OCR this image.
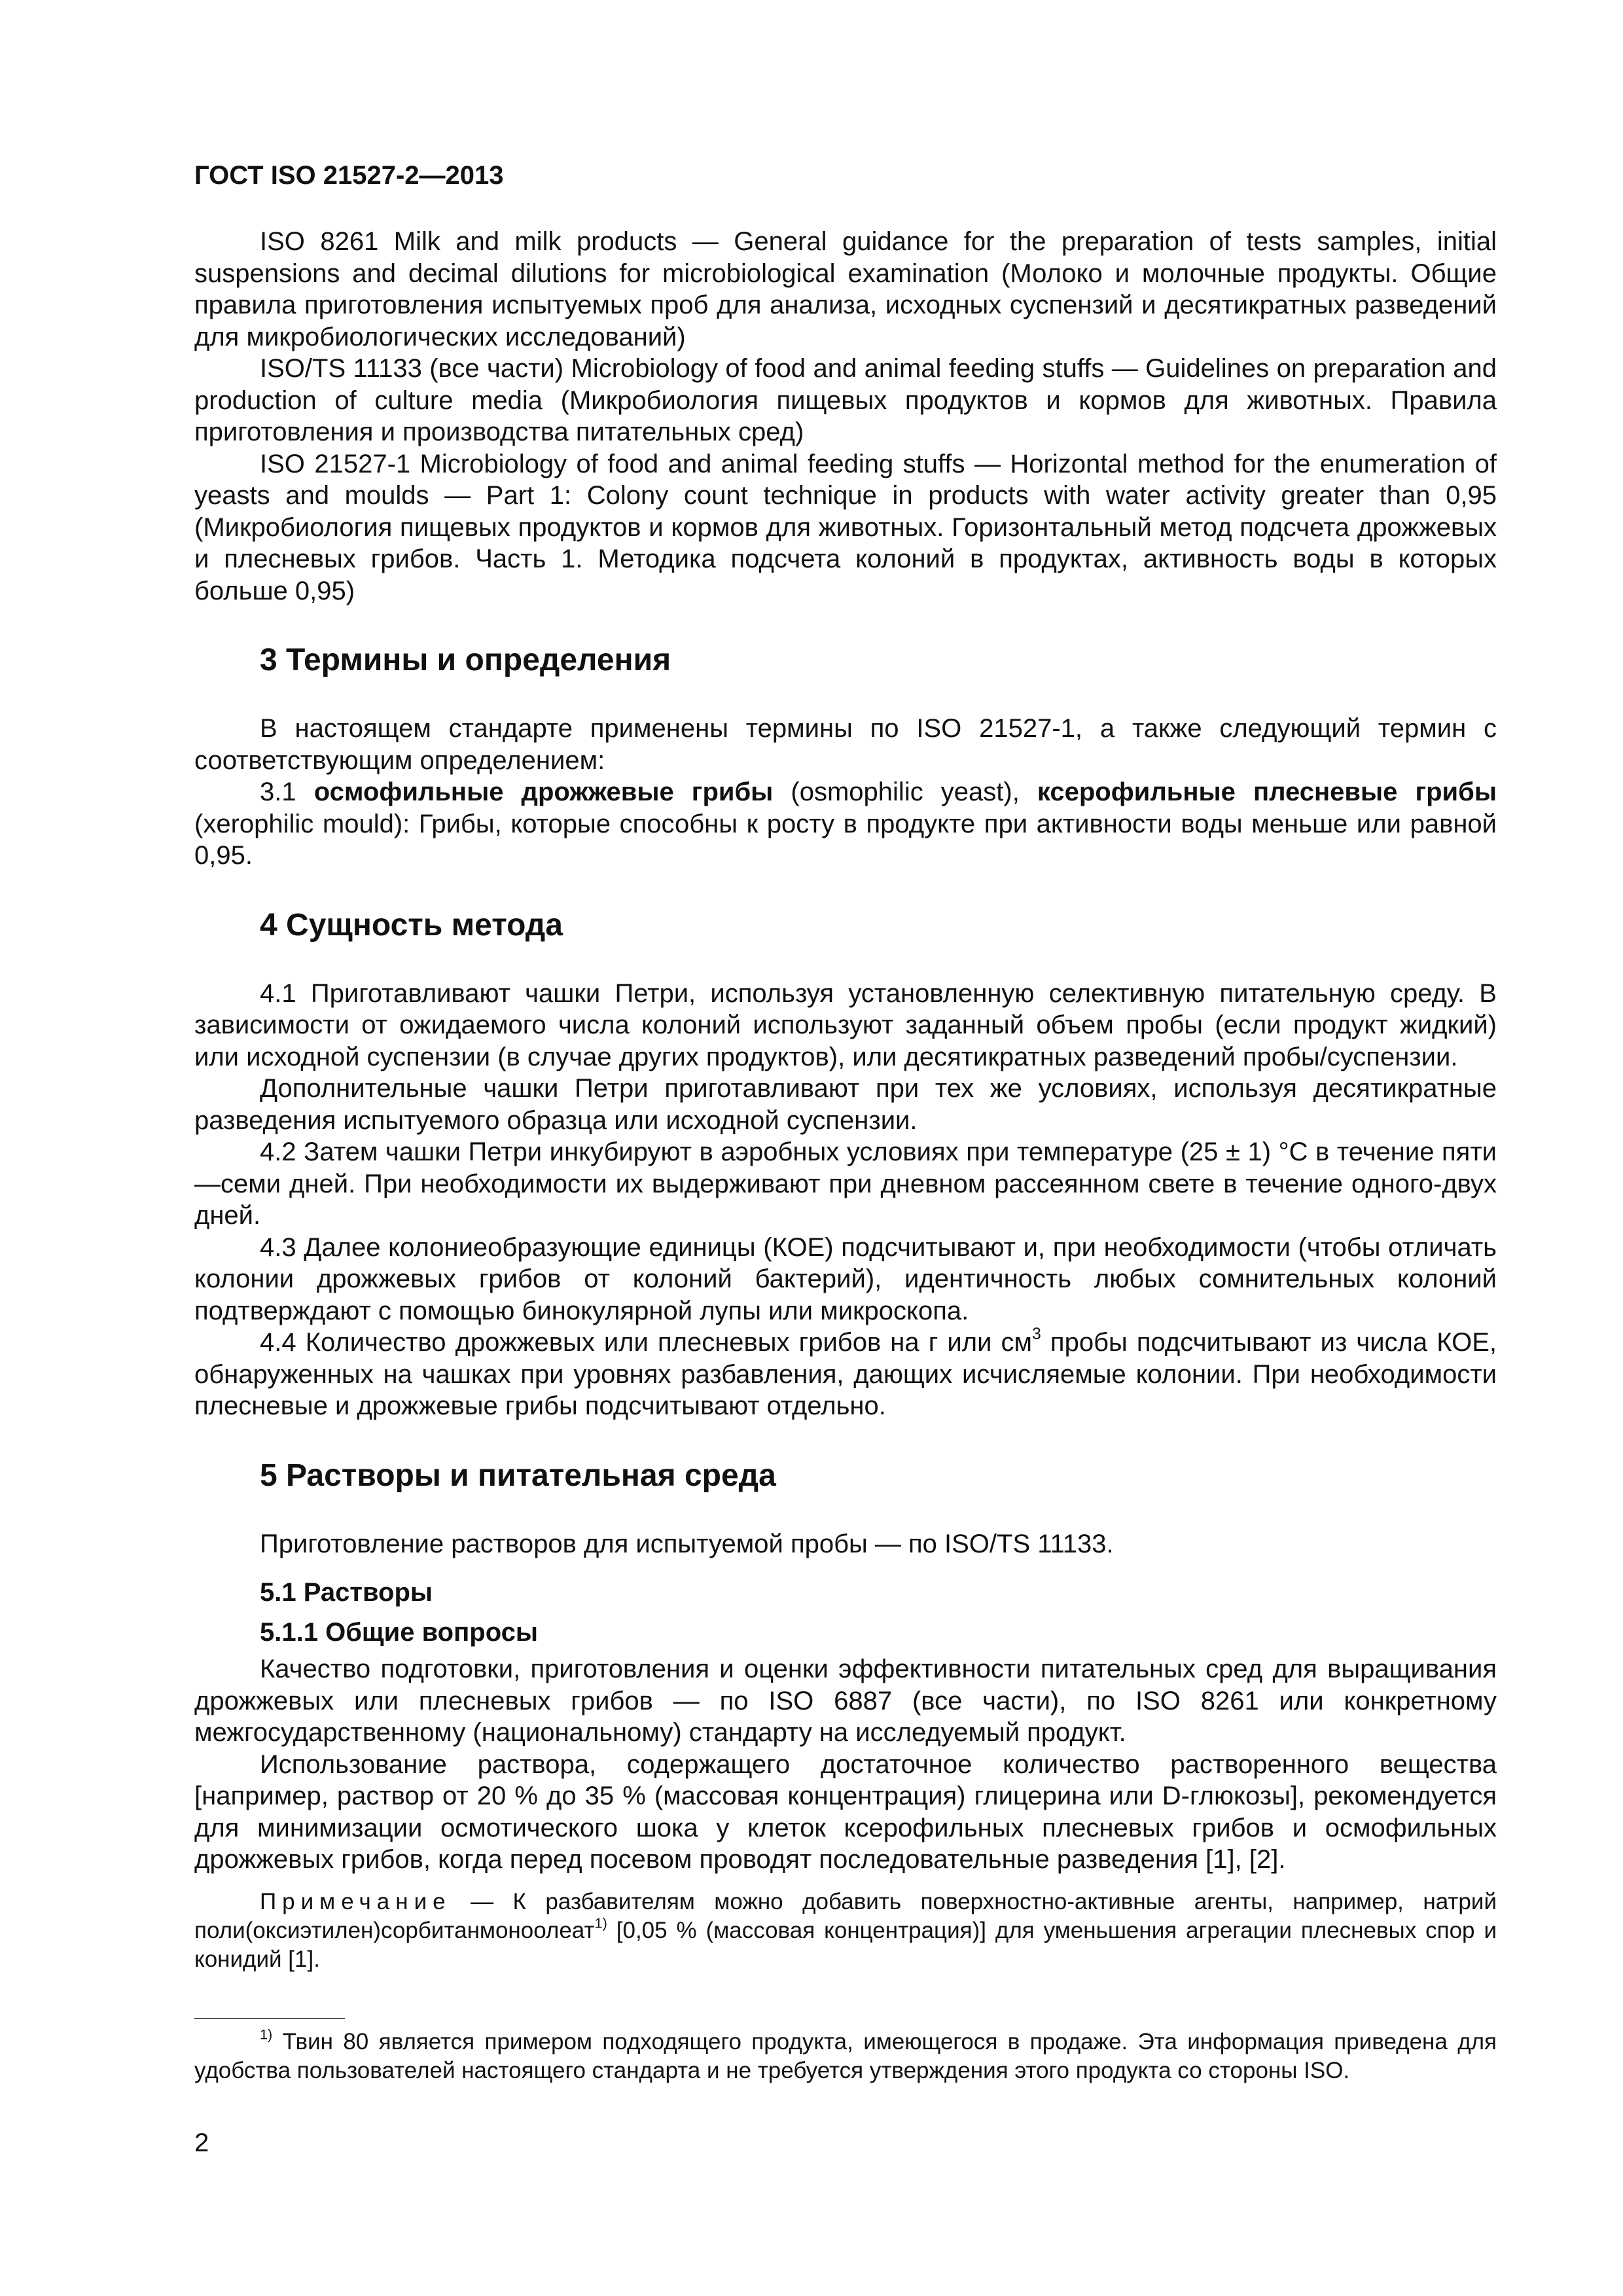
ГОСТ ISO 21527-2—2013

ISO 8261 Milk and milk products — General guidance for the preparation of tests samples, initial suspensions and decimal dilutions for microbiological examination (Молоко и молочные продукты. Общие правила приготовления испытуемых проб для анализа, исходных суспензий и десятикратных разведений для микробиологических исследований)

ISO/TS 11133 (все части) Microbiology of food and animal feeding stuffs — Guidelines on preparation and production of culture media (Микробиология пищевых продуктов и кормов для животных. Правила приготовления и производства питательных сред)

ISO 21527-1 Microbiology of food and animal feeding stuffs — Horizontal method for the enumeration of yeasts and moulds — Part 1: Colony count technique in products with water activity greater than 0,95 (Микробиология пищевых продуктов и кормов для животных. Горизонтальный метод подсчета дрожжевых и плесневых грибов. Часть 1. Методика подсчета колоний в продуктах, активность воды в которых больше 0,95)

3 Термины и определения

В настоящем стандарте применены термины по ISO 21527-1, а также следующий термин с соответствующим определением:

3.1 осмофильные дрожжевые грибы (osmophilic yeast), ксерофильные плесневые грибы (xerophilic mould): Грибы, которые способны к росту в продукте при активности воды меньше или равной 0,95.

4 Сущность метода

4.1 Приготавливают чашки Петри, используя установленную селективную питательную среду. В зависимости от ожидаемого числа колоний используют заданный объем пробы (если продукт жидкий) или исходной суспензии (в случае других продуктов), или десятикратных разведений пробы/суспензии.

Дополнительные чашки Петри приготавливают при тех же условиях, используя десятикратные разведения испытуемого образца или исходной суспензии.

4.2 Затем чашки Петри инкубируют в аэробных условиях при температуре (25 ± 1) °С в течение пяти—семи дней. При необходимости их выдерживают при дневном рассеянном свете в течение одного-двух дней.

4.3 Далее колониеобразующие единицы (КОЕ) подсчитывают и, при необходимости (чтобы отличать колонии дрожжевых грибов от колоний бактерий), идентичность любых сомнительных колоний подтверждают с помощью бинокулярной лупы или микроскопа.

4.4 Количество дрожжевых или плесневых грибов на г или $см^3$ пробы подсчитывают из числа КОЕ, обнаруженных на чашках при уровнях разбавления, дающих исчисляемые колонии. При необходимости плесневые и дрожжевые грибы подсчитывают отдельно.

5 Растворы и питательная среда

Приготовление растворов для испытуемой пробы — по ISO/TS 11133.

5.1 Растворы
5.1.1 Общие вопросы

Качество подготовки, приготовления и оценки эффективности питательных сред для выращивания дрожжевых или плесневых грибов — по ISO 6887 (все части), по ISO 8261 или конкретному межгосударственному (национальному) стандарту на исследуемый продукт.

Использование раствора, содержащего достаточное количество растворенного вещества [например, раствор от 20 % до 35 % (массовая концентрация) глицерина или D-глюкозы], рекомендуется для минимизации осмотического шока у клеток ксерофильных плесневых грибов и осмофильных дрожжевых грибов, когда перед посевом проводят последовательные разведения [1], [2].

Примечание — К разбавителям можно добавить поверхностно-активные агенты, например, натрий поли(оксиэтилен)сорбитанмоноолеат$^{1)}$ [0,05 % (массовая концентрация)] для уменьшения агрегации плесневых спор и конидий [1].

$^{1)}$ Твин 80 является примером подходящего продукта, имеющегося в продаже. Эта информация приведена для удобства пользователей настоящего стандарта и не требуется утверждения этого продукта со стороны ISO.

2
